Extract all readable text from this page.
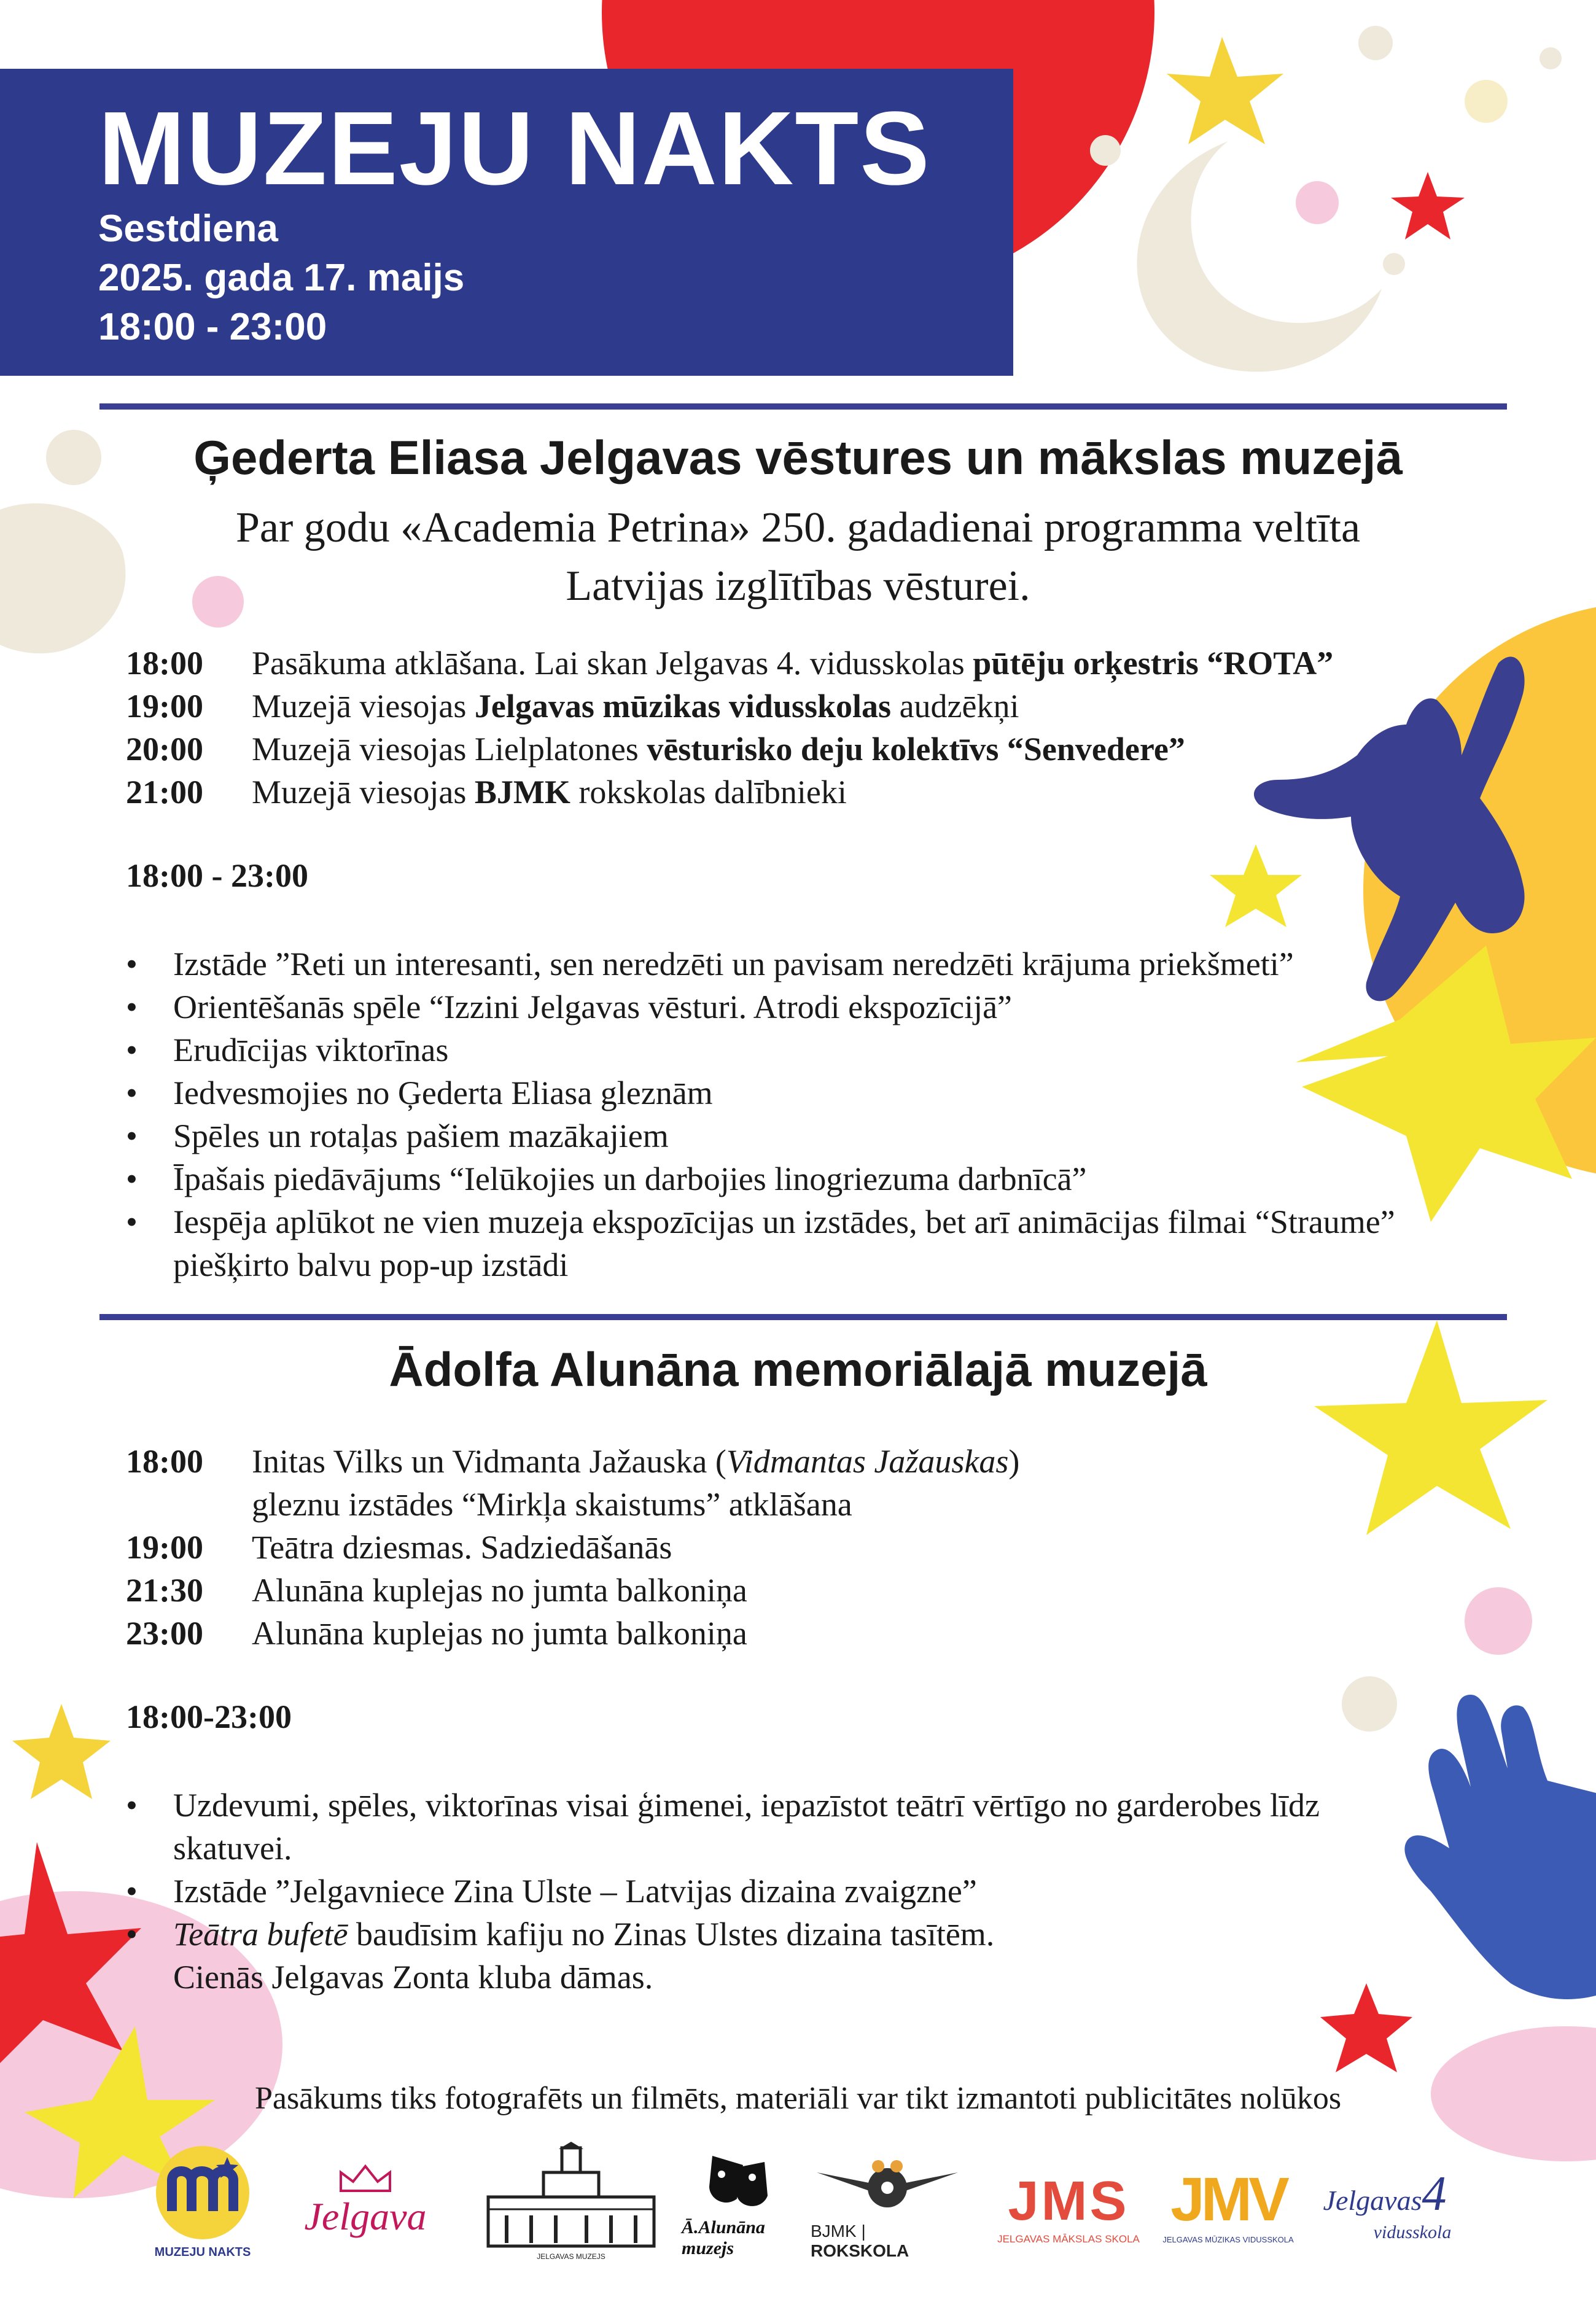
MUZEJU NAKTS
Sestdiena
2025. gada 17. maijs
18:00 - 23:00
Ģederta Eliasa Jelgavas vēstures un mākslas muzejā
Par godu «Academia Petrina» 250. gadadienai programma veltīta
Latvijas izglītības vēsturei.
18:00 Pasākuma atklāšana. Lai skan Jelgavas 4. vidusskolas pūtēju orķestris “ROTA”
19:00 Muzejā viesojas Jelgavas mūzikas vidusskolas audzēkņi
20:00 Muzejā viesojas Lielplatones vēsturisko deju kolektīvs “Senvedere”
21:00 Muzejā viesojas BJMK rokskolas dalībnieki
18:00 - 23:00
• Izstāde ”Reti un interesanti, sen neredzēti un pavisam neredzēti krājuma priekšmeti”
• Orientēšanās spēle “Izzini Jelgavas vēsturi. Atrodi ekspozīcijā”
• Erudīcijas viktorīnas
• Iedvesmojies no Ģederta Eliasa gleznām
• Spēles un rotaļas pašiem mazākajiem
• Īpašais piedāvājums “Ielūkojies un darbojies linogriezuma darbnīcā”
• Iespēja aplūkot ne vien muzeja ekspozīcijas un izstādes, bet arī animācijas filmai “Straume”
piešķirto balvu pop-up izstādi
Ādolfa Alunāna memoriālajā muzejā
18:00 Initas Vilks un Vidmanta Jažauska (Vidmantas Jažauskas)
gleznu izstādes “Mirkļa skaistums” atklāšana
19:00 Teātra dziesmas. Sadziedāšanās
21:30 Alunāna kuplejas no jumta balkoniņa
23:00 Alunāna kuplejas no jumta balkoniņa
18:00-23:00
• Uzdevumi, spēles, viktorīnas visai ģimenei, iepazīstot teātrī vērtīgo no garderobes līdz
skatuvei.
• Izstāde ”Jelgavniece Zina Ulste – Latvijas dizaina zvaigzne”
• Teātra bufetē baudīsim kafiju no Zinas Ulstes dizaina tasītēm.
Cienās Jelgavas Zonta kluba dāmas.
Pasākums tiks fotografēts un filmēts, materiāli var tikt izmantoti publicitātes nolūkos
MUZEJU NAKTS
Jelgava
JELGAVAS MUZEJS
Ā.Alunāna muzejs
BJMK | ROKSKOLA
JMS
JELGAVAS MĀKSLAS SKOLA
JMV
JELGAVAS MŪZIKAS VIDUSSKOLA
Jelgavas4
vidusskola
